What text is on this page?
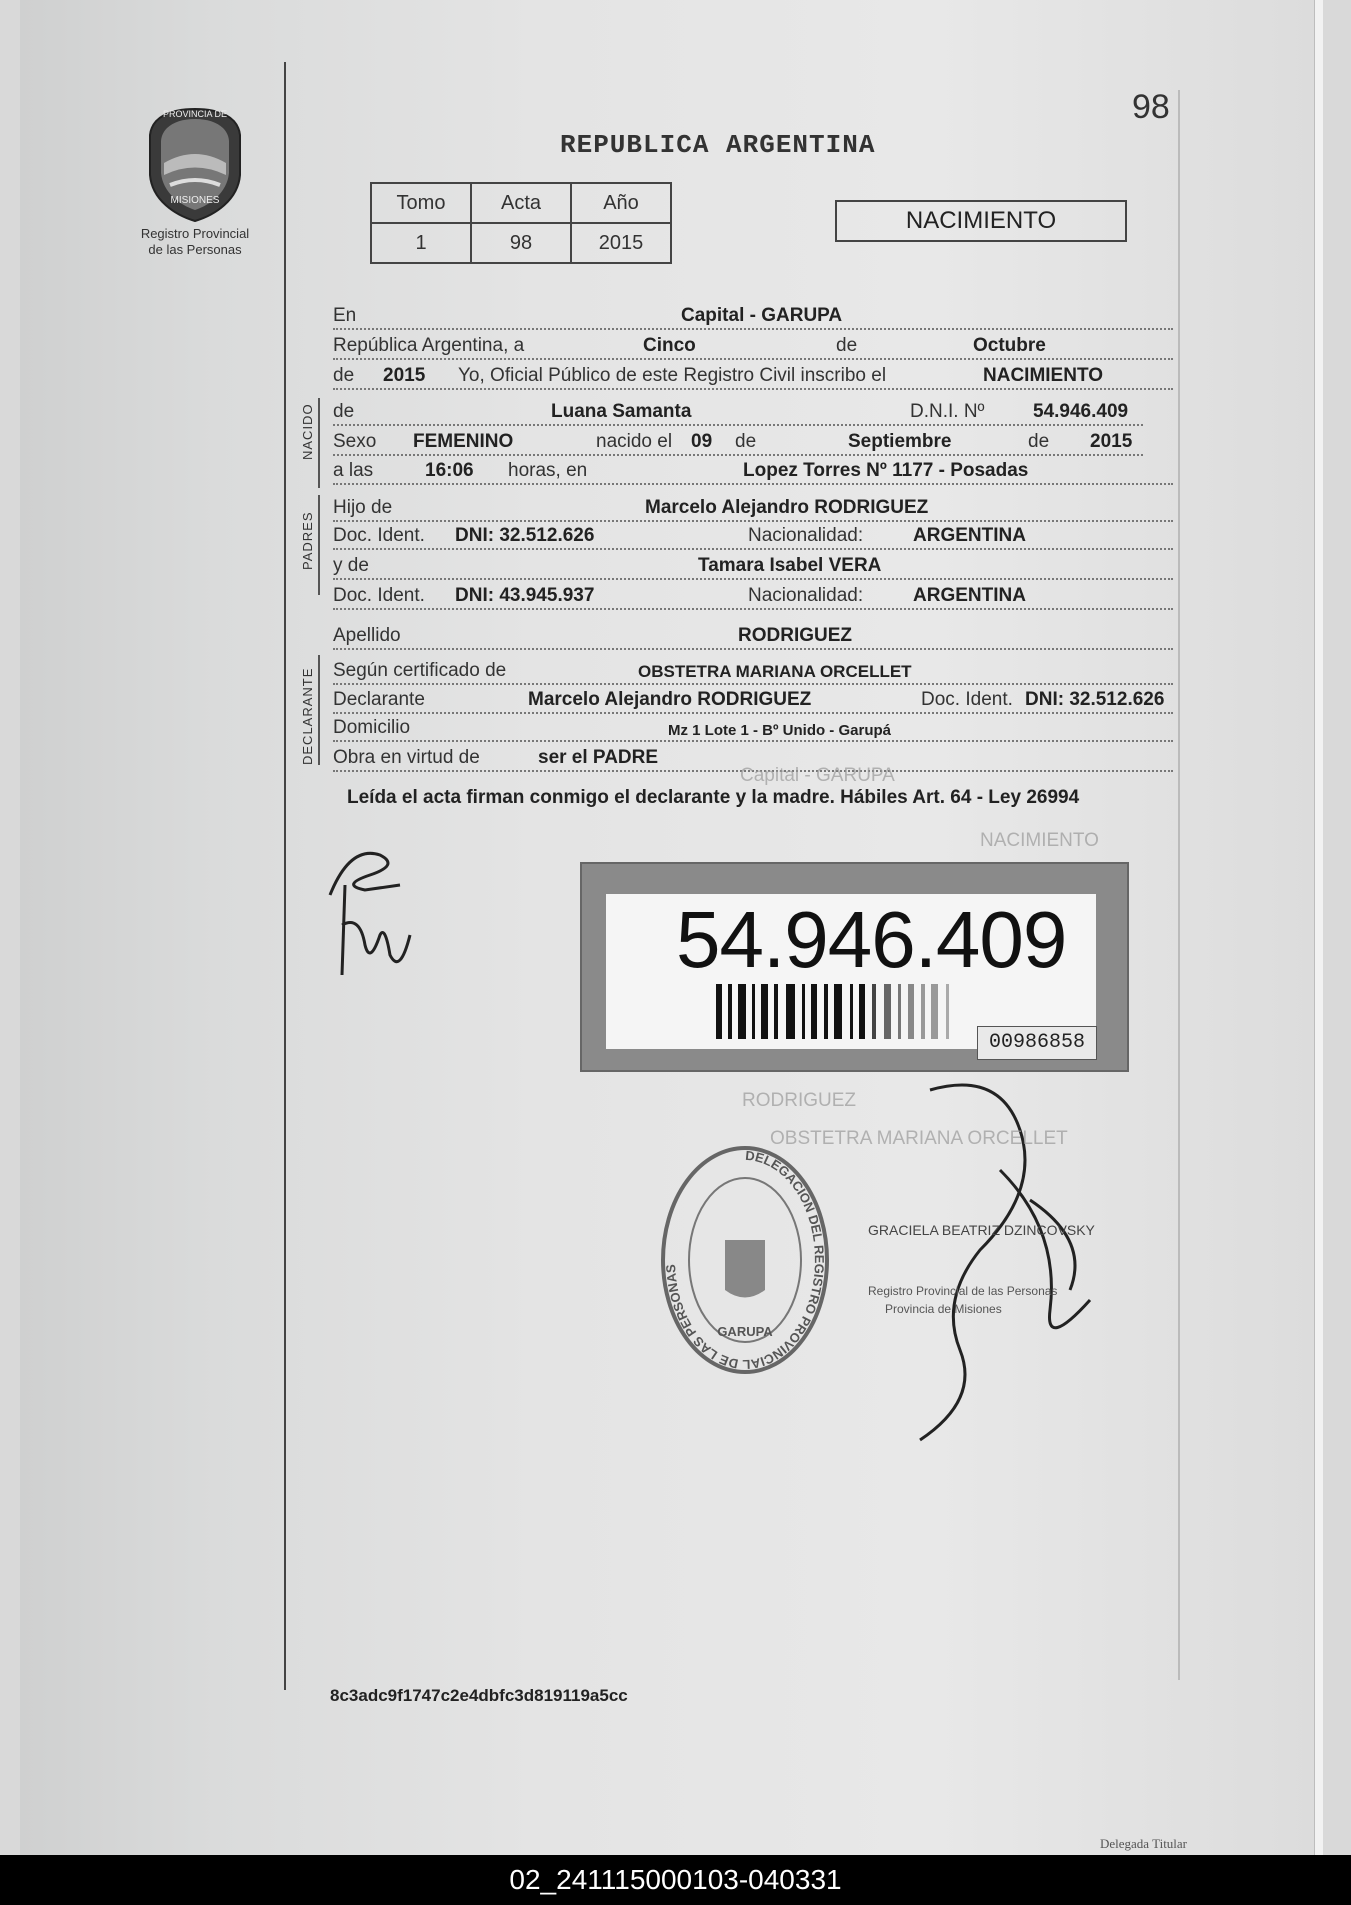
PROVINCIA DE
MISIONES
Registro Provincial
de las Personas
98
REPUBLICA ARGENTINA
Tomo	Acta	Año
1	98	2015
NACIMIENTO
En	Capital - GARUPA
República Argentina, a	Cinco	de	Octubre
de 2015 Yo, Oficial Público de este Registro Civil inscribo el	NACIMIENTO
NACIDO de	Luana Samanta	D.N.I. Nº	54.946.409
Sexo FEMENINO	nacido el 09 de	Septiembre	de 2015
a las	16:06 horas, en	Lopez Torres Nº 1177 - Posadas
PADRES
Hijo de	Marcelo Alejandro RODRIGUEZ
Doc. Ident. DNI: 32.512.626	Nacionalidad:	ARGENTINA
y de	Tamara Isabel VERA
Doc. Ident. DNI: 43.945.937	Nacionalidad:	ARGENTINA
Apellido	RODRIGUEZ
DECLARANTE Según certificado de	OBSTETRA MARIANA ORCELLET
Declarante	Marcelo Alejandro RODRIGUEZ	Doc. Ident. DNI: 32.512.626
Domicilio	Mz 1 Lote 1 - Bº Unido - Garupá
Obra en virtud de	ser el PADRE
Leída el acta firman conmigo el declarante y la madre. Hábiles Art. 64 - Ley 26994
Capital - GARUPA
NACIMIENTO
RODRIGUEZ
OBSTETRA MARIANA ORCELLET
54.946.409
00986858
DELEGACION DEL REGISTRO PROVINCIAL DE LAS PERSONAS
GARUPA
GRACIELA BEATRIZ DZINCOVSKY
Registro Provincial de las Personas
Provincia de Misiones
8c3adc9f1747c2e4dbfc3d819119a5cc
Delegada Titular
02_241115000103-040331
